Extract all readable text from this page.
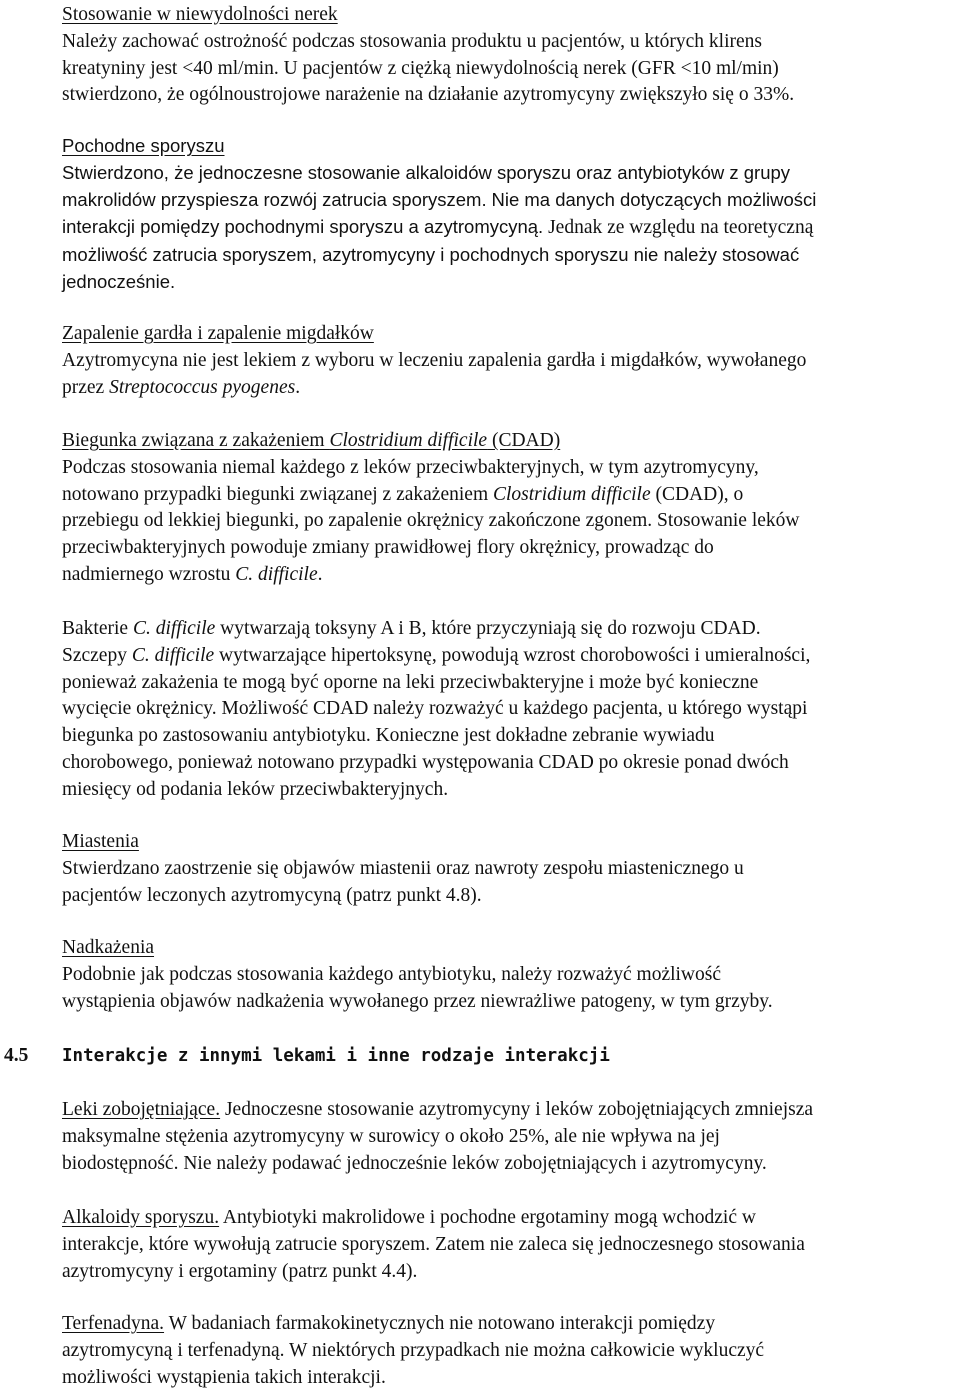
Stosowanie w niewydolności nerek
Należy zachować ostrożność podczas stosowania produktu u pacjentów, u których klirens
kreatyniny jest <40 ml/min. U pacjentów z ciężką niewydolnością nerek (GFR <10 ml/min)
stwierdzono, że ogólnoustrojowe narażenie na działanie azytromycyny zwiększyło się o 33%.
Pochodne sporyszu
Stwierdzono, że jednoczesne stosowanie alkaloidów sporyszu oraz antybiotyków z grupy
makrolidów przyspiesza rozwój zatrucia sporyszem. Nie ma danych dotyczących możliwości
interakcji pomiędzy pochodnymi sporyszu a azytromycyną. Jednak ze względu na teoretyczną
możliwość zatrucia sporyszem, azytromycyny i pochodnych sporyszu nie należy stosować
jednocześnie.
Zapalenie gardła i zapalenie migdałków
Azytromycyna nie jest lekiem z wyboru w leczeniu zapalenia gardła i migdałków, wywołanego
przez Streptococcus pyogenes.
Biegunka związana z zakażeniem Clostridium difficile (CDAD)
Podczas stosowania niemal każdego z leków przeciwbakteryjnych, w tym azytromycyny,
notowano przypadki biegunki związanej z zakażeniem Clostridium difficile (CDAD), o
przebiegu od lekkiej biegunki, po zapalenie okrężnicy zakończone zgonem. Stosowanie leków
przeciwbakteryjnych powoduje zmiany prawidłowej flory okrężnicy, prowadząc do
nadmiernego wzrostu C. difficile.
Bakterie C. difficile wytwarzają toksyny A i B, które przyczyniają się do rozwoju CDAD.
Szczepy C. difficile wytwarzające hipertoksynę, powodują wzrost chorobowości i umieralności,
ponieważ zakażenia te mogą być oporne na leki przeciwbakteryjne i może być konieczne
wycięcie okrężnicy. Możliwość CDAD należy rozważyć u każdego pacjenta, u którego wystąpi
biegunka po zastosowaniu antybiotyku. Konieczne jest dokładne zebranie wywiadu
chorobowego, ponieważ notowano przypadki występowania CDAD po okresie ponad dwóch
miesięcy od podania leków przeciwbakteryjnych.
Miastenia
Stwierdzano zaostrzenie się objawów miastenii oraz nawroty zespołu miastenicznego u
pacjentów leczonych azytromycyną (patrz punkt 4.8).
Nadkażenia
Podobnie jak podczas stosowania każdego antybiotyku, należy rozważyć możliwość
wystąpienia objawów nadkażenia wywołanego przez niewrażliwe patogeny, w tym grzyby.
4.5 Interakcje z innymi lekami i inne rodzaje interakcji
Leki zobojętniające. Jednoczesne stosowanie azytromycyny i leków zobojętniających zmniejsza
maksymalne stężenia azytromycyny w surowicy o około 25%, ale nie wpływa na jej
biodostępność. Nie należy podawać jednocześnie leków zobojętniających i azytromycyny.
Alkaloidy sporyszu. Antybiotyki makrolidowe i pochodne ergotaminy mogą wchodzić w
interakcje, które wywołują zatrucie sporyszem. Zatem nie zaleca się jednoczesnego stosowania
azytromycyny i ergotaminy (patrz punkt 4.4).
Terfenadyna. W badaniach farmakokinetycznych nie notowano interakcji pomiędzy
azytromycyną i terfenadyną. W niektórych przypadkach nie można całkowicie wykluczyć
możliwości wystąpienia takich interakcji.
